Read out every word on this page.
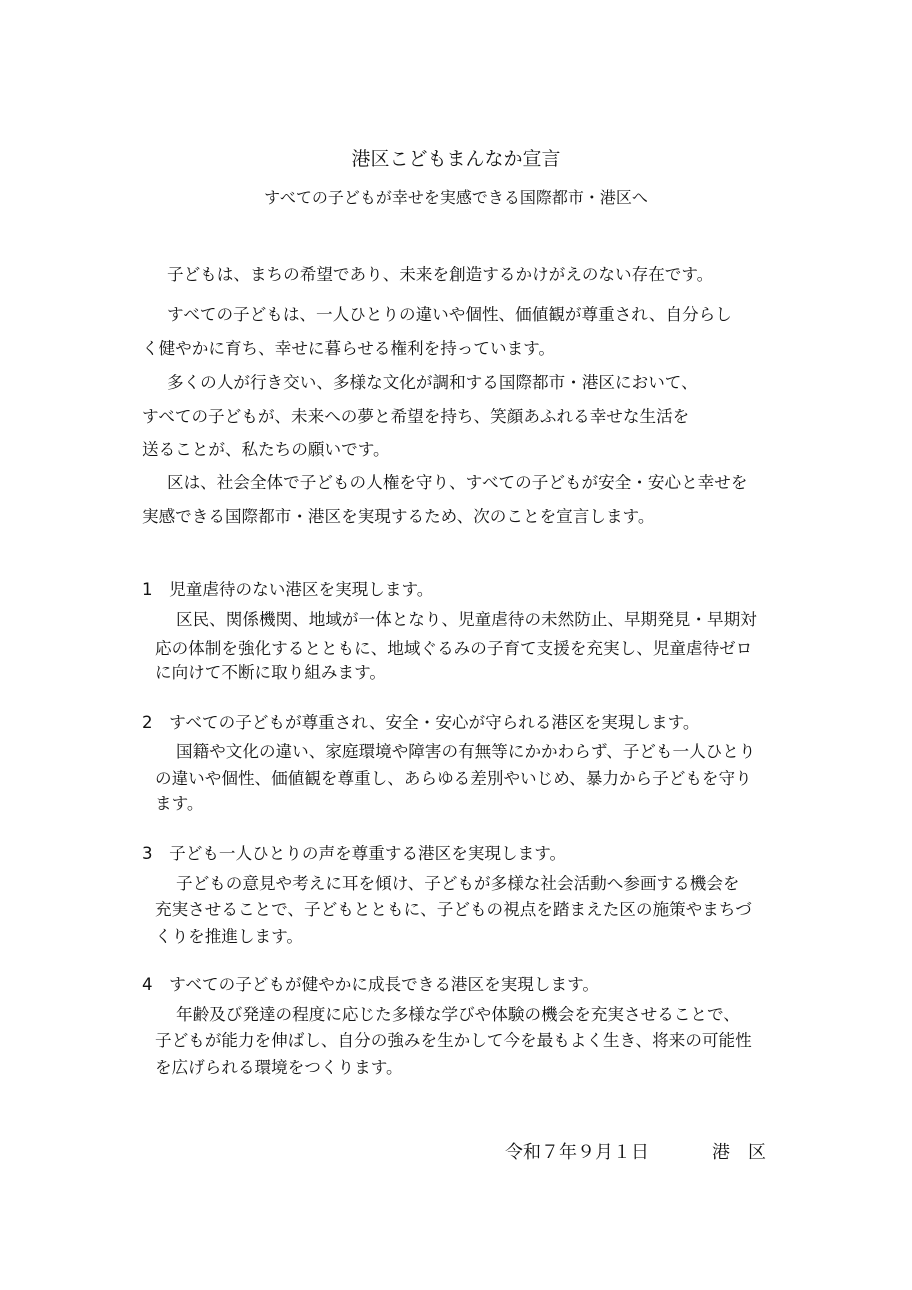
港区こどもまんなか宣言
すべての子どもが幸せを実感できる国際都市・港区へ
子どもは、まちの希望であり、未来を創造するかけがえのない存在です。
すべての子どもは、一人ひとりの違いや個性、価値観が尊重され、自分らし
く健やかに育ち、幸せに暮らせる権利を持っています。
多くの人が行き交い、多様な文化が調和する国際都市・港区において、
すべての子どもが、未来への夢と希望を持ち、笑顔あふれる幸せな生活を
送ることが、私たちの願いです。
区は、社会全体で子どもの人権を守り、すべての子どもが安全・安心と幸せを
実感できる国際都市・港区を実現するため、次のことを宣言します。
1　児童虐待のない港区を実現します。
区民、関係機関、地域が一体となり、児童虐待の未然防止、早期発見・早期対
応の体制を強化するとともに、地域ぐるみの子育て支援を充実し、児童虐待ゼロ
に向けて不断に取り組みます。
2　すべての子どもが尊重され、安全・安心が守られる港区を実現します。
国籍や文化の違い、家庭環境や障害の有無等にかかわらず、子ども一人ひとり
の違いや個性、価値観を尊重し、あらゆる差別やいじめ、暴力から子どもを守り
ます。
3　子ども一人ひとりの声を尊重する港区を実現します。
子どもの意見や考えに耳を傾け、子どもが多様な社会活動へ参画する機会を
充実させることで、子どもとともに、子どもの視点を踏まえた区の施策やまちづ
くりを推進します。
4　すべての子どもが健やかに成長できる港区を実現します。
年齢及び発達の程度に応じた多様な学びや体験の機会を充実させることで、
子どもが能力を伸ばし、自分の強みを生かして今を最もよく生き、将来の可能性
を広げられる環境をつくります。
令和７年９月１日	港　区
